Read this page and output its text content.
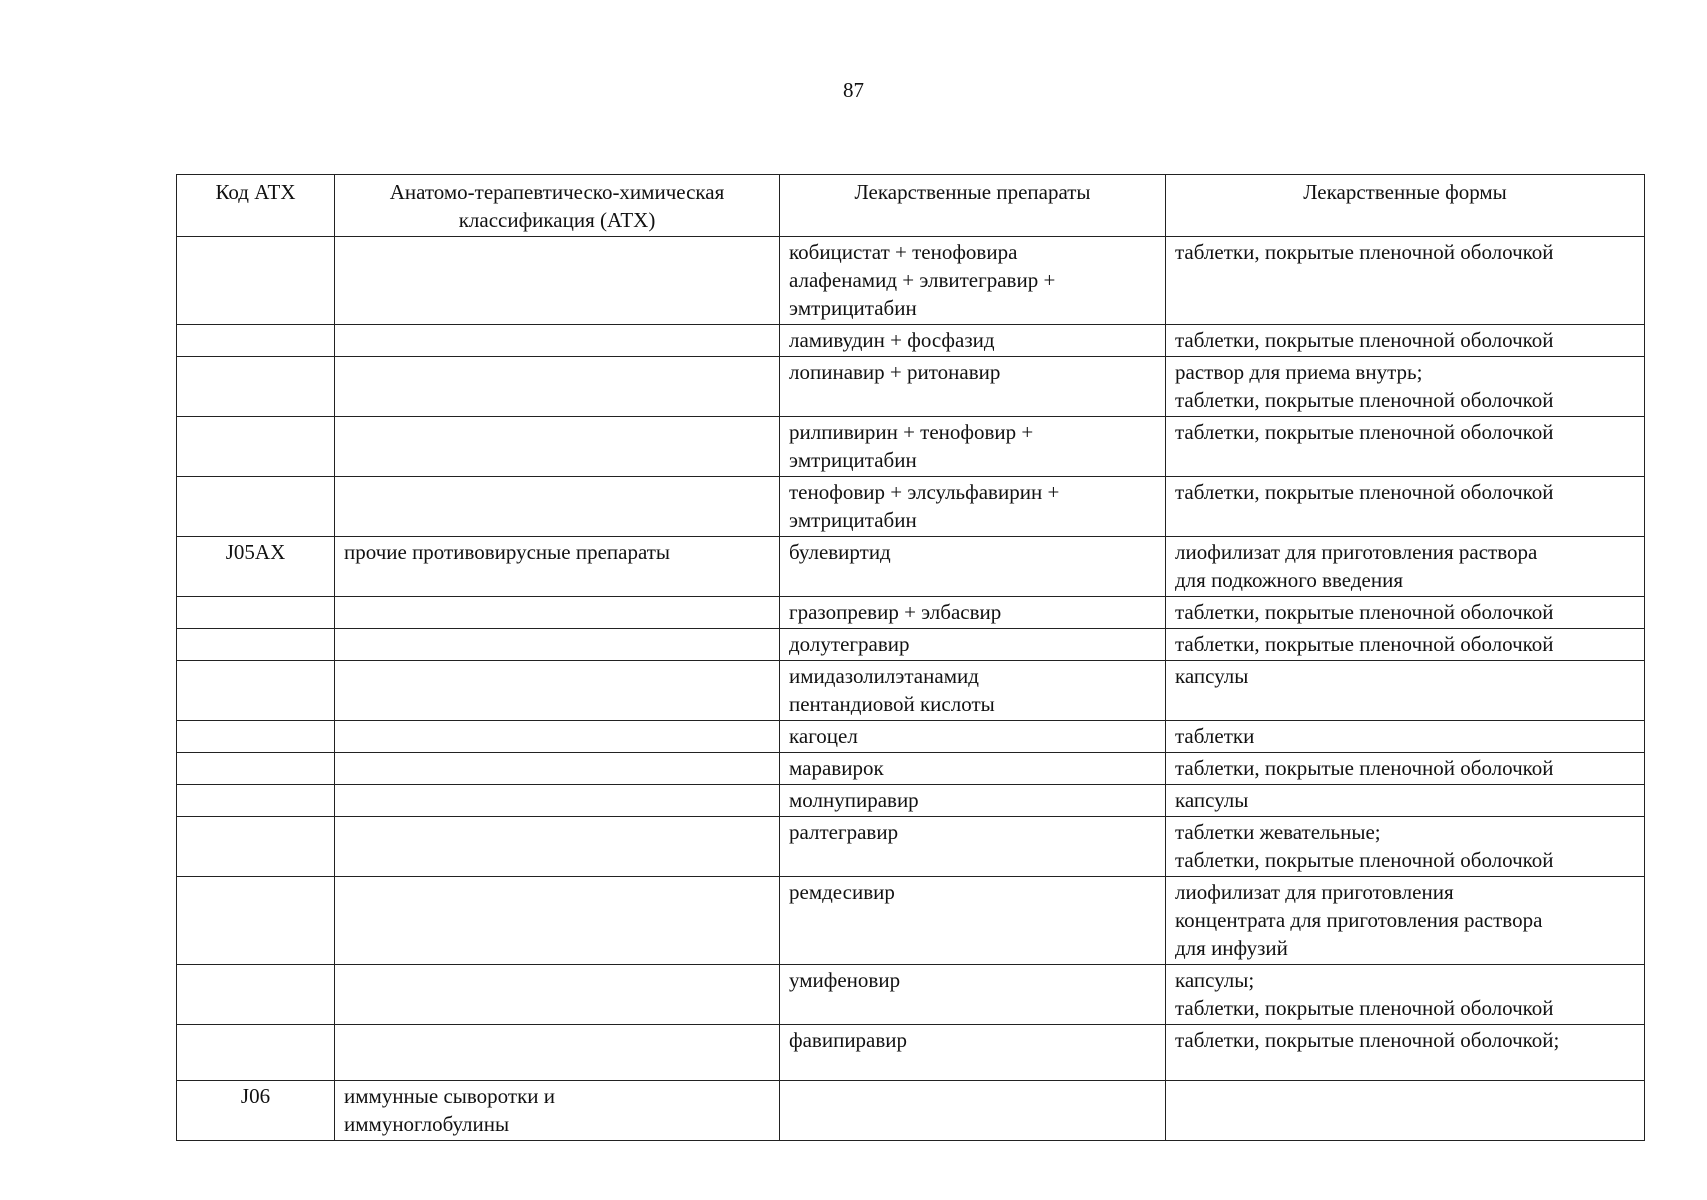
87
Код АТХ	Анатомо-терапевтическо-химическая
классификация (АТХ)	Лекарственные препараты	Лекарственные формы

		кобицистат + тенофовира
алафенамид + элвитегравир +
эмтрицитабин	таблетки, покрытые пленочной оболочкой

		ламивудин + фосфазид	таблетки, покрытые пленочной оболочкой

		лопинавир + ритонавир	раствор для приема внутрь;
таблетки, покрытые пленочной оболочкой

		рилпивирин + тенофовир +
эмтрицитабин	таблетки, покрытые пленочной оболочкой

		тенофовир + элсульфавирин +
эмтрицитабин	таблетки, покрытые пленочной оболочкой

J05AX	прочие противовирусные препараты	булевиртид	лиофилизат для приготовления раствора
для подкожного введения

		гразопревир + элбасвир	таблетки, покрытые пленочной оболочкой

		долутегравир	таблетки, покрытые пленочной оболочкой

		имидазолилэтанамид
пентандиовой кислоты	капсулы

		кагоцел	таблетки

		маравирок	таблетки, покрытые пленочной оболочкой

		молнупиравир	капсулы

		ралтегравир	таблетки жевательные;
таблетки, покрытые пленочной оболочкой

		ремдесивир	лиофилизат для приготовления
концентрата для приготовления раствора
для инфузий

		умифеновир	капсулы;
таблетки, покрытые пленочной оболочкой

		фавипиравир	таблетки, покрытые пленочной оболочкой;

J06	иммунные сыворотки и
иммуноглобулины		
